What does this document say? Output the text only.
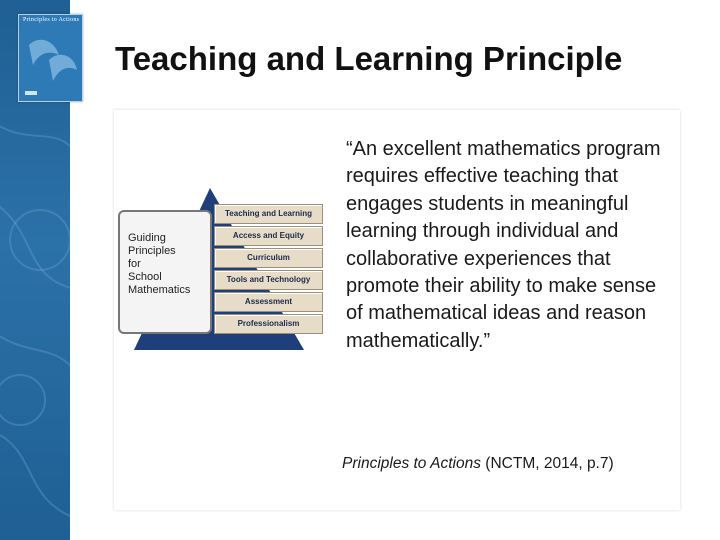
Principles to Actions
Teaching and Learning Principle
Guiding
Principles
for
School
Mathematics
Teaching and Learning
Access and Equity
Curriculum
Tools and Technology
Assessment
Professionalism

“An excellent mathematics program requires effective teaching that engages students in meaningful learning through individual and collaborative experiences that promote their ability to make sense of mathematical ideas and reason mathematically.”

Principles to Actions (NCTM, 2014, p.7)
